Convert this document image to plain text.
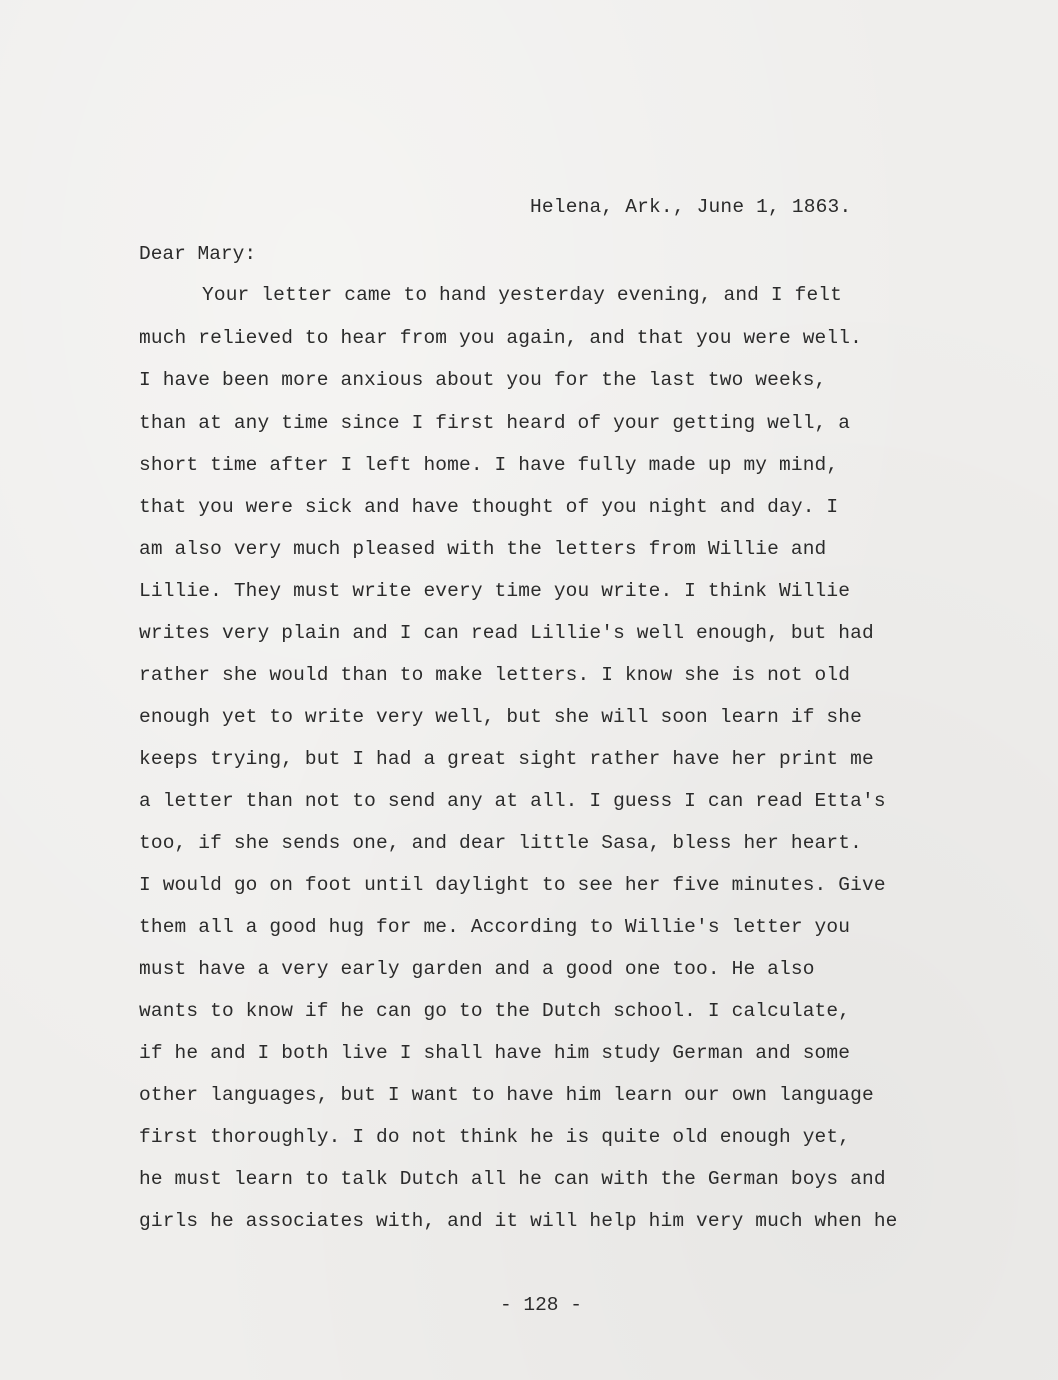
Helena, Ark., June 1, 1863.
Dear Mary:
Your letter came to hand yesterday evening, and I felt
much relieved to hear from you again, and that you were well.
I have been more anxious about you for the last two weeks,
than at any time since I first heard of your getting well, a
short time after I left home. I have fully made up my mind,
that you were sick and have thought of you night and day. I
am also very much pleased with the letters from Willie and
Lillie. They must write every time you write. I think Willie
writes very plain and I can read Lillie's well enough, but had
rather she would than to make letters. I know she is not old
enough yet to write very well, but she will soon learn if she
keeps trying, but I had a great sight rather have her print me
a letter than not to send any at all. I guess I can read Etta's
too, if she sends one, and dear little Sasa, bless her heart.
I would go on foot until daylight to see her five minutes. Give
them all a good hug for me. According to Willie's letter you
must have a very early garden and a good one too. He also
wants to know if he can go to the Dutch school. I calculate,
if he and I both live I shall have him study German and some
other languages, but I want to have him learn our own language
first thoroughly. I do not think he is quite old enough yet,
he must learn to talk Dutch all he can with the German boys and
girls he associates with, and it will help him very much when he
- 128 -
